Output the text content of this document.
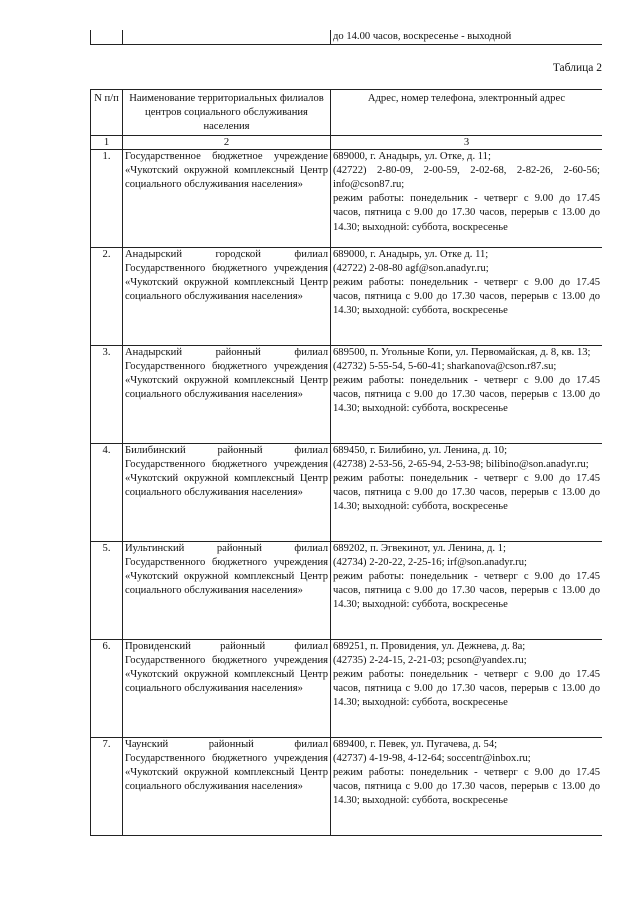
		до 14.00 часов, воскресенье - выходной
Таблица 2
N п/п	Наименование территориальных филиалов центров социального обслуживания населения	Адрес, номер телефона, электронный адрес
1	2	3
1.	Государственное бюджетное учреждение «Чукотский окружной комплексный Центр социального обслуживания населения»	689000, г. Анадырь, ул. Отке, д. 11;
(42722) 2-80-09, 2-00-59, 2-02-68, 2-82-26, 2-60-56; info@cson87.ru;
режим работы: понедельник - четверг с 9.00 до 17.45 часов, пятница с 9.00 до 17.30 часов, перерыв с 13.00 до 14.30; выходной: суббота, воскресенье

2.	Анадырский городской филиал Государственного бюджетного учреждения «Чукотский окружной комплексный Центр социального обслуживания населения»	689000, г. Анадырь, ул. Отке д. 11;
(42722) 2-08-80 agf@son.anadyr.ru;
режим работы: понедельник - четверг с 9.00 до 17.45 часов, пятница с 9.00 до 17.30 часов, перерыв с 13.00 до 14.30; выходной: суббота, воскресенье

3.	Анадырский районный филиал Государственного бюджетного учреждения «Чукотский окружной комплексный Центр социального обслуживания населения»	689500, п. Угольные Копи, ул. Первомайская, д. 8, кв. 13;
(42732) 5-55-54, 5-60-41; sharkanova@cson.r87.su;
режим работы: понедельник - четверг с 9.00 до 17.45 часов, пятница с 9.00 до 17.30 часов, перерыв с 13.00 до 14.30; выходной: суббота, воскресенье

4.	Билибинский районный филиал Государственного бюджетного учреждения «Чукотский окружной комплексный Центр социального обслуживания населения»	689450, г. Билибино, ул. Ленина, д. 10;
(42738) 2-53-56, 2-65-94, 2-53-98; bilibino@son.anadyr.ru;
режим работы: понедельник - четверг с 9.00 до 17.45 часов, пятница с 9.00 до 17.30 часов, перерыв с 13.00 до 14.30; выходной: суббота, воскресенье

5.	Иультинский районный филиал Государственного бюджетного учреждения «Чукотский окружной комплексный Центр социального обслуживания населения»	689202, п. Эгвекинот, ул. Ленина, д. 1;
(42734) 2-20-22, 2-25-16; irf@son.anadyr.ru;
режим работы: понедельник - четверг с 9.00 до 17.45 часов, пятница с 9.00 до 17.30 часов, перерыв с 13.00 до 14.30; выходной: суббота, воскресенье

6.	Провиденский районный филиал Государственного бюджетного учреждения «Чукотский окружной комплексный Центр социального обслуживания населения»	689251, п. Провидения, ул. Дежнева, д. 8а;
(42735) 2-24-15, 2-21-03; pcson@yandex.ru;
режим работы: понедельник - четверг с 9.00 до 17.45 часов, пятница с 9.00 до 17.30 часов, перерыв с 13.00 до 14.30; выходной: суббота, воскресенье

7.	Чаунский районный филиал Государственного бюджетного учреждения «Чукотский окружной комплексный Центр социального обслуживания населения»	689400, г. Певек, ул. Пугачева, д. 54;
(42737) 4-19-98, 4-12-64; soccentr@inbox.ru;
режим работы: понедельник - четверг с 9.00 до 17.45 часов, пятница с 9.00 до 17.30 часов, перерыв с 13.00 до 14.30; выходной: суббота, воскресенье
